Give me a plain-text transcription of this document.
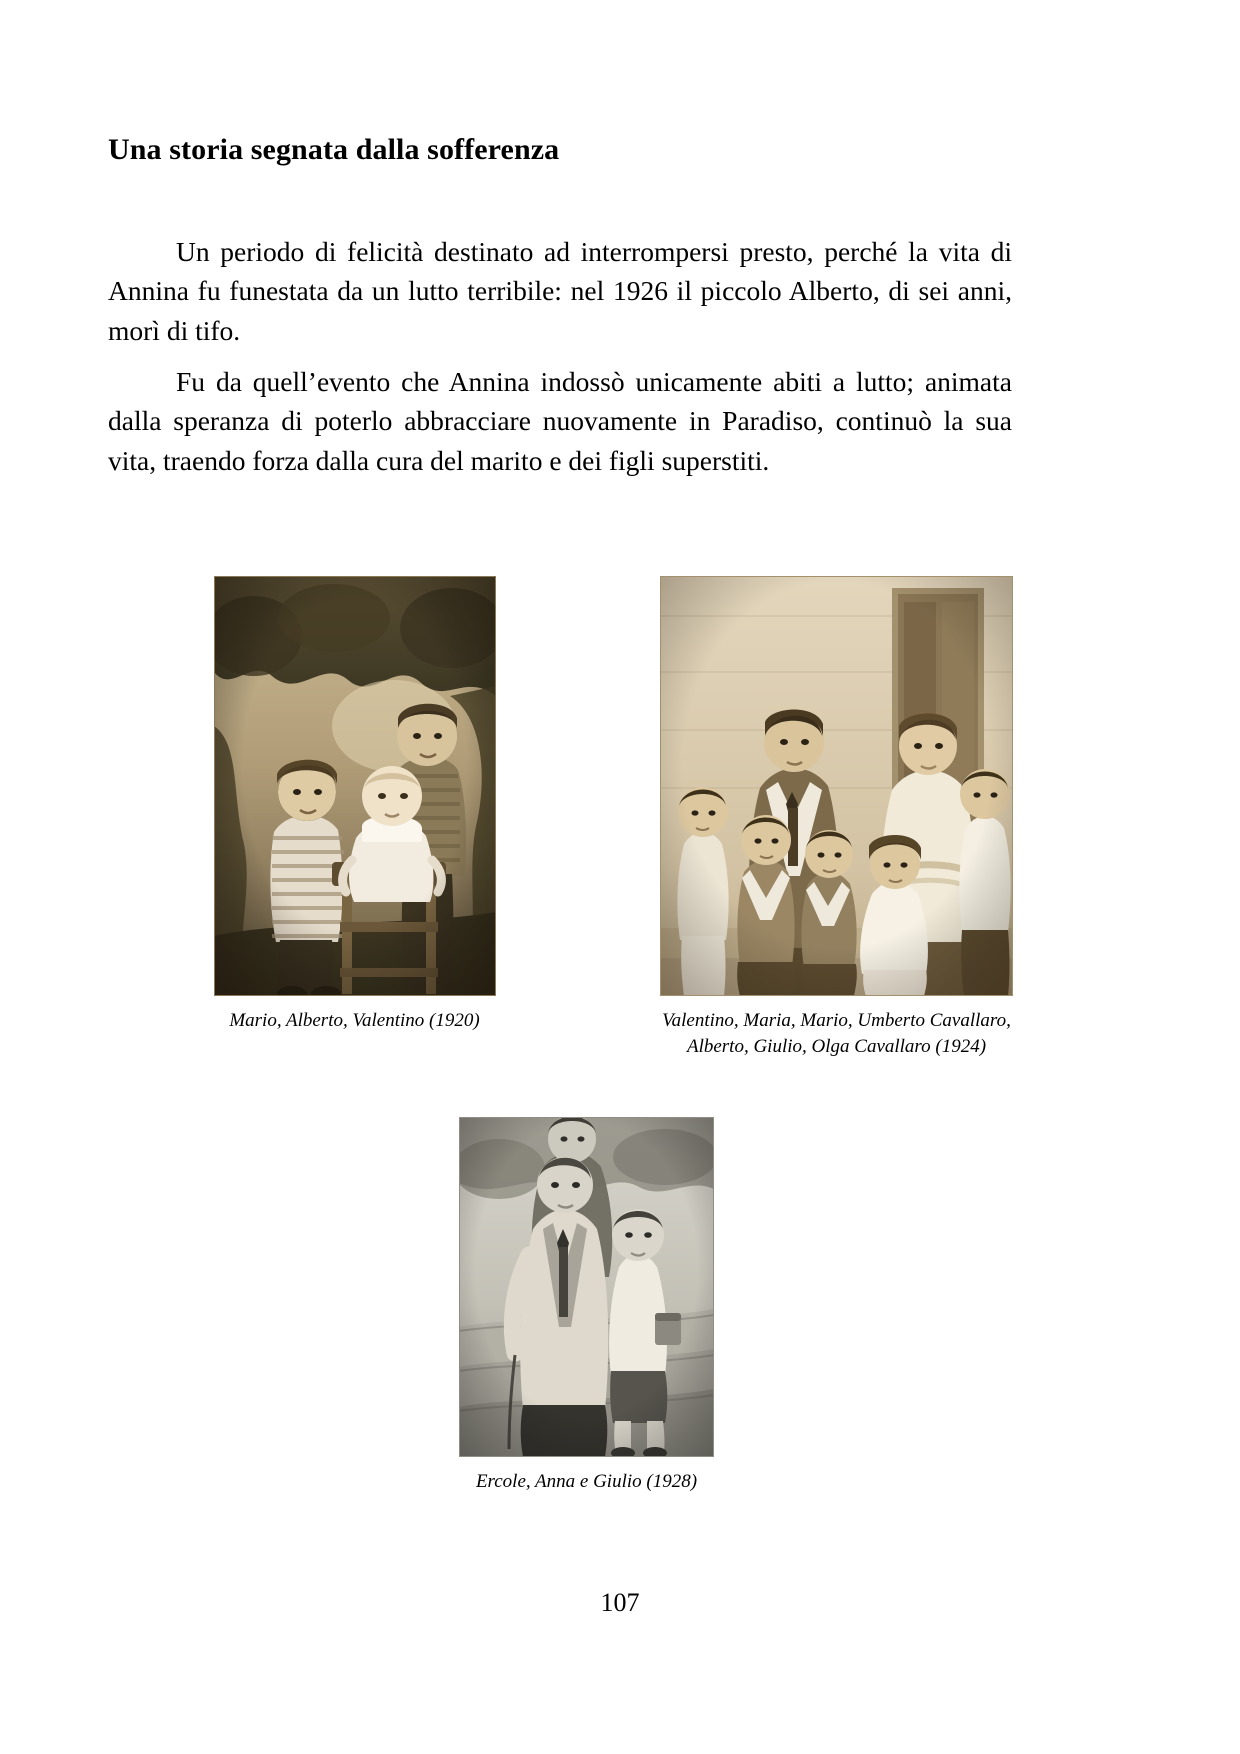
Una storia segnata dalla sofferenza

Un periodo di felicità destinato ad interrompersi presto, perché la vita di Annina fu funestata da un lutto terribile: nel 1926 il piccolo Alberto, di sei anni, morì di tifo.

Fu da quell’evento che Annina indossò unicamente abiti a lutto; animata dalla speranza di poterlo abbracciare nuovamente in Paradiso, continuò la sua vita, traendo forza dalla cura del marito e dei figli superstiti.

Mario, Alberto, Valentino (1920)	Valentino, Maria, Mario, Umberto Cavallaro, Alberto, Giulio, Olga Cavallaro (1924)
Ercole, Anna e Giulio (1928)
107
